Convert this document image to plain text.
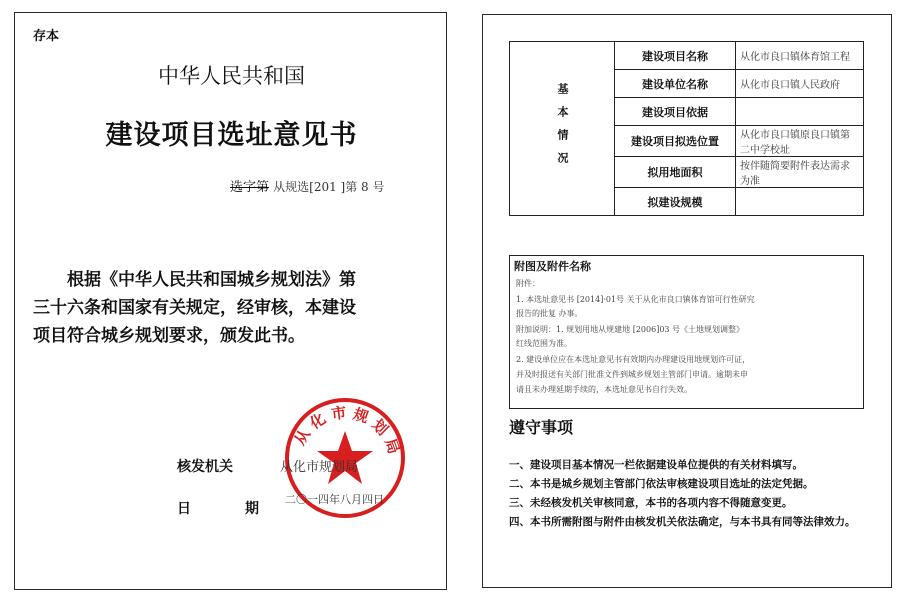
存本
中华人民共和国
建设项目选址意见书
选字第 从规选[201 ]第 8 号
根据《中华人民共和国城乡规划法》第
三十六条和国家有关规定，经审核，本建设
项目符合城乡规划要求，颁发此书。
从 化 市 规 划 局
核发机关	从化市规划局
二〇一四年八月四日
日　期
基本情况	建设项目名称	从化市良口镇体育馆工程
	建设单位名称	从化市良口镇人民政府
	建设项目依据	
	建设项目拟选位置	从化市良口镇原良口镇第二中学校址
	拟用地面积	按伴随简要附件表达需求为准
	拟建设规模	
附图及附件名称
附件：
1. 本选址意见书 [2014]·01号 关于从化市良口镇体育馆可行性研究
报告的批复 办事。
附加说明：1. 规划用地从规建地 [2006]03 号《土地规划调整》
红线范围为准。
2. 建设单位应在本选址意见书有效期内办理建设用地规划许可证，
并及时报送有关部门批准文件到城乡规划主管部门申请。逾期未申
请且未办理延期手续的，本选址意见书自行失效。
遵守事项
一、建设项目基本情况一栏依据建设单位提供的有关材料填写。
二、本书是城乡规划主管部门依法审核建设项目选址的法定凭据。
三、未经核发机关审核同意，本书的各项内容不得随意变更。
四、本书所需附图与附件由核发机关依法确定，与本书具有同等法律效力。
